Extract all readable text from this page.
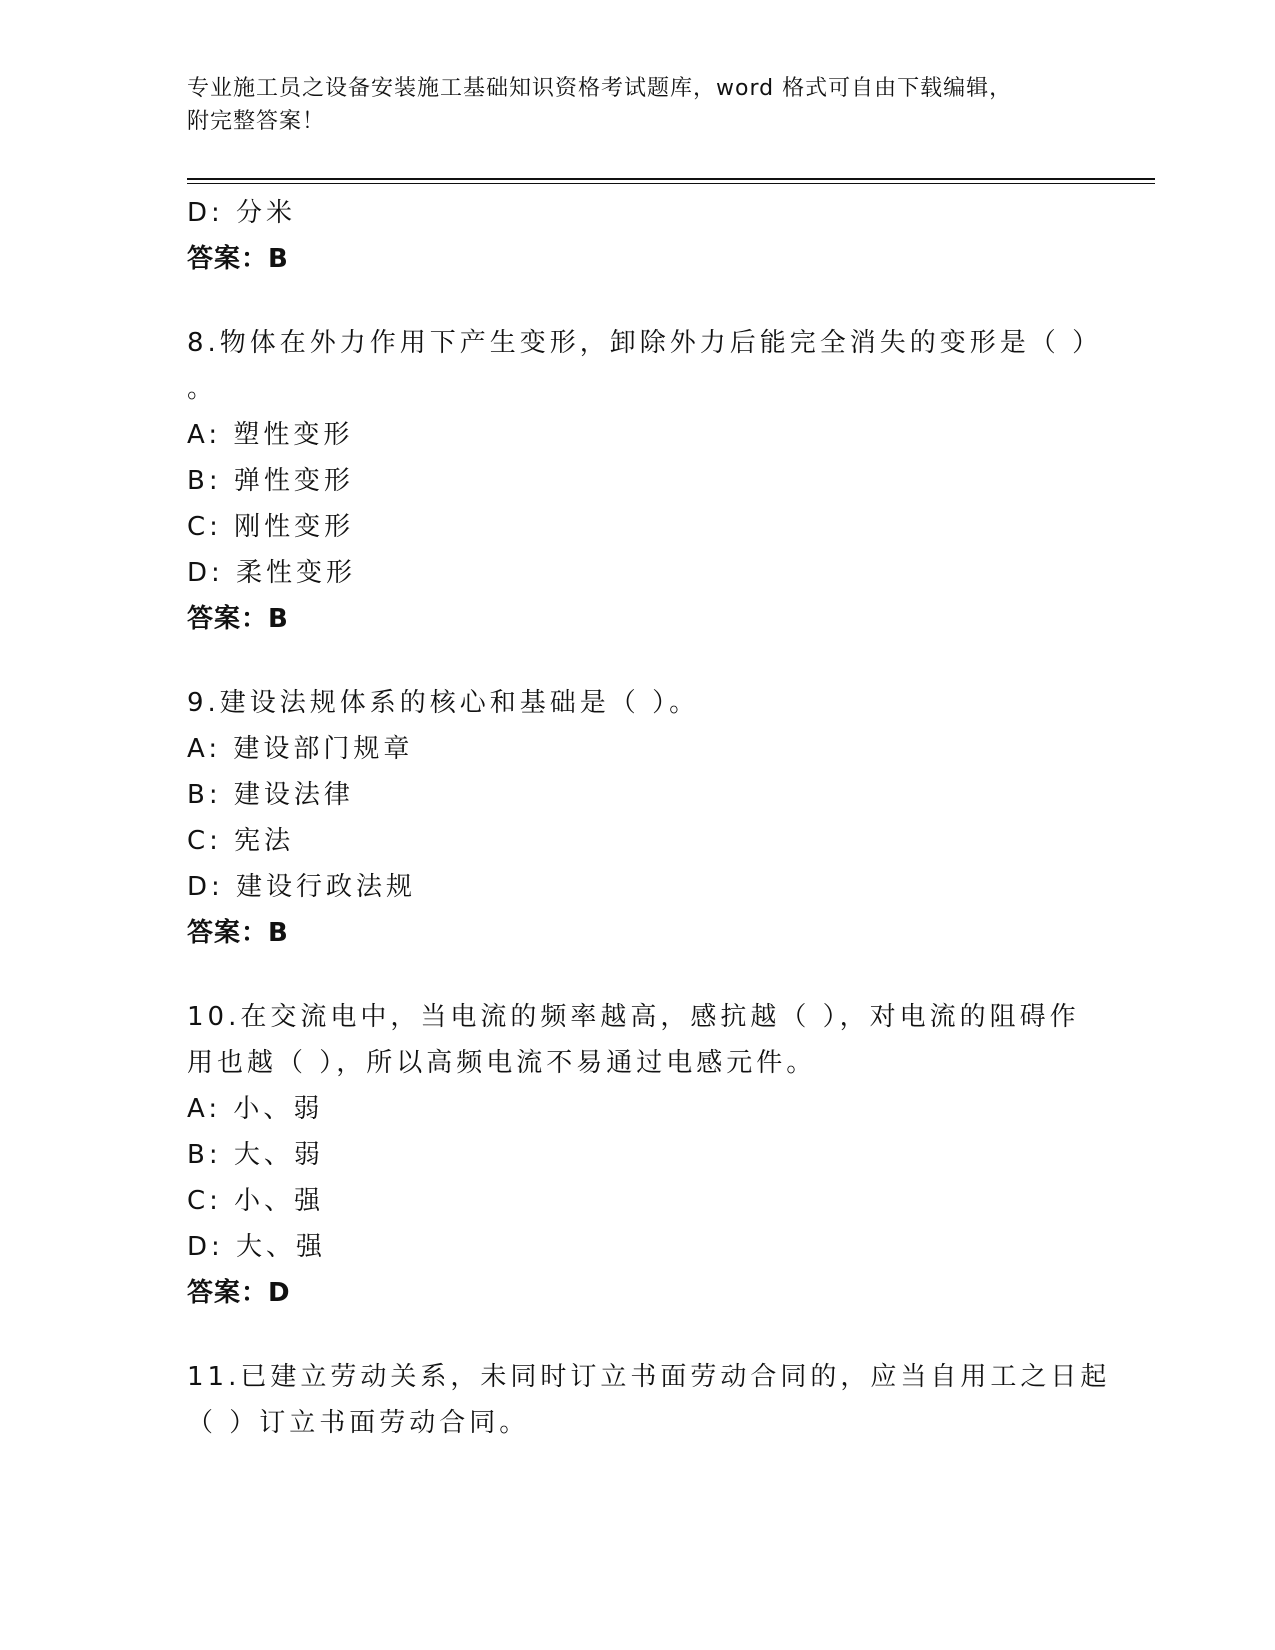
专业施工员之设备安装施工基础知识资格考试题库，word 格式可自由下载编辑，
附完整答案！
D: 分米
答案：B
8.物体在外力作用下产生变形，卸除外力后能完全消失的变形是（ ）
。
A: 塑性变形
B: 弹性变形
C: 刚性变形
D: 柔性变形
答案：B
9.建设法规体系的核心和基础是（ ）。
A: 建设部门规章
B: 建设法律
C: 宪法
D: 建设行政法规
答案：B
10.在交流电中，当电流的频率越高，感抗越（ ），对电流的阻碍作
用也越（ ），所以高频电流不易通过电感元件。
A: 小、弱
B: 大、弱
C: 小、强
D: 大、强
答案：D
11.已建立劳动关系，未同时订立书面劳动合同的，应当自用工之日起
（ ）订立书面劳动合同。
